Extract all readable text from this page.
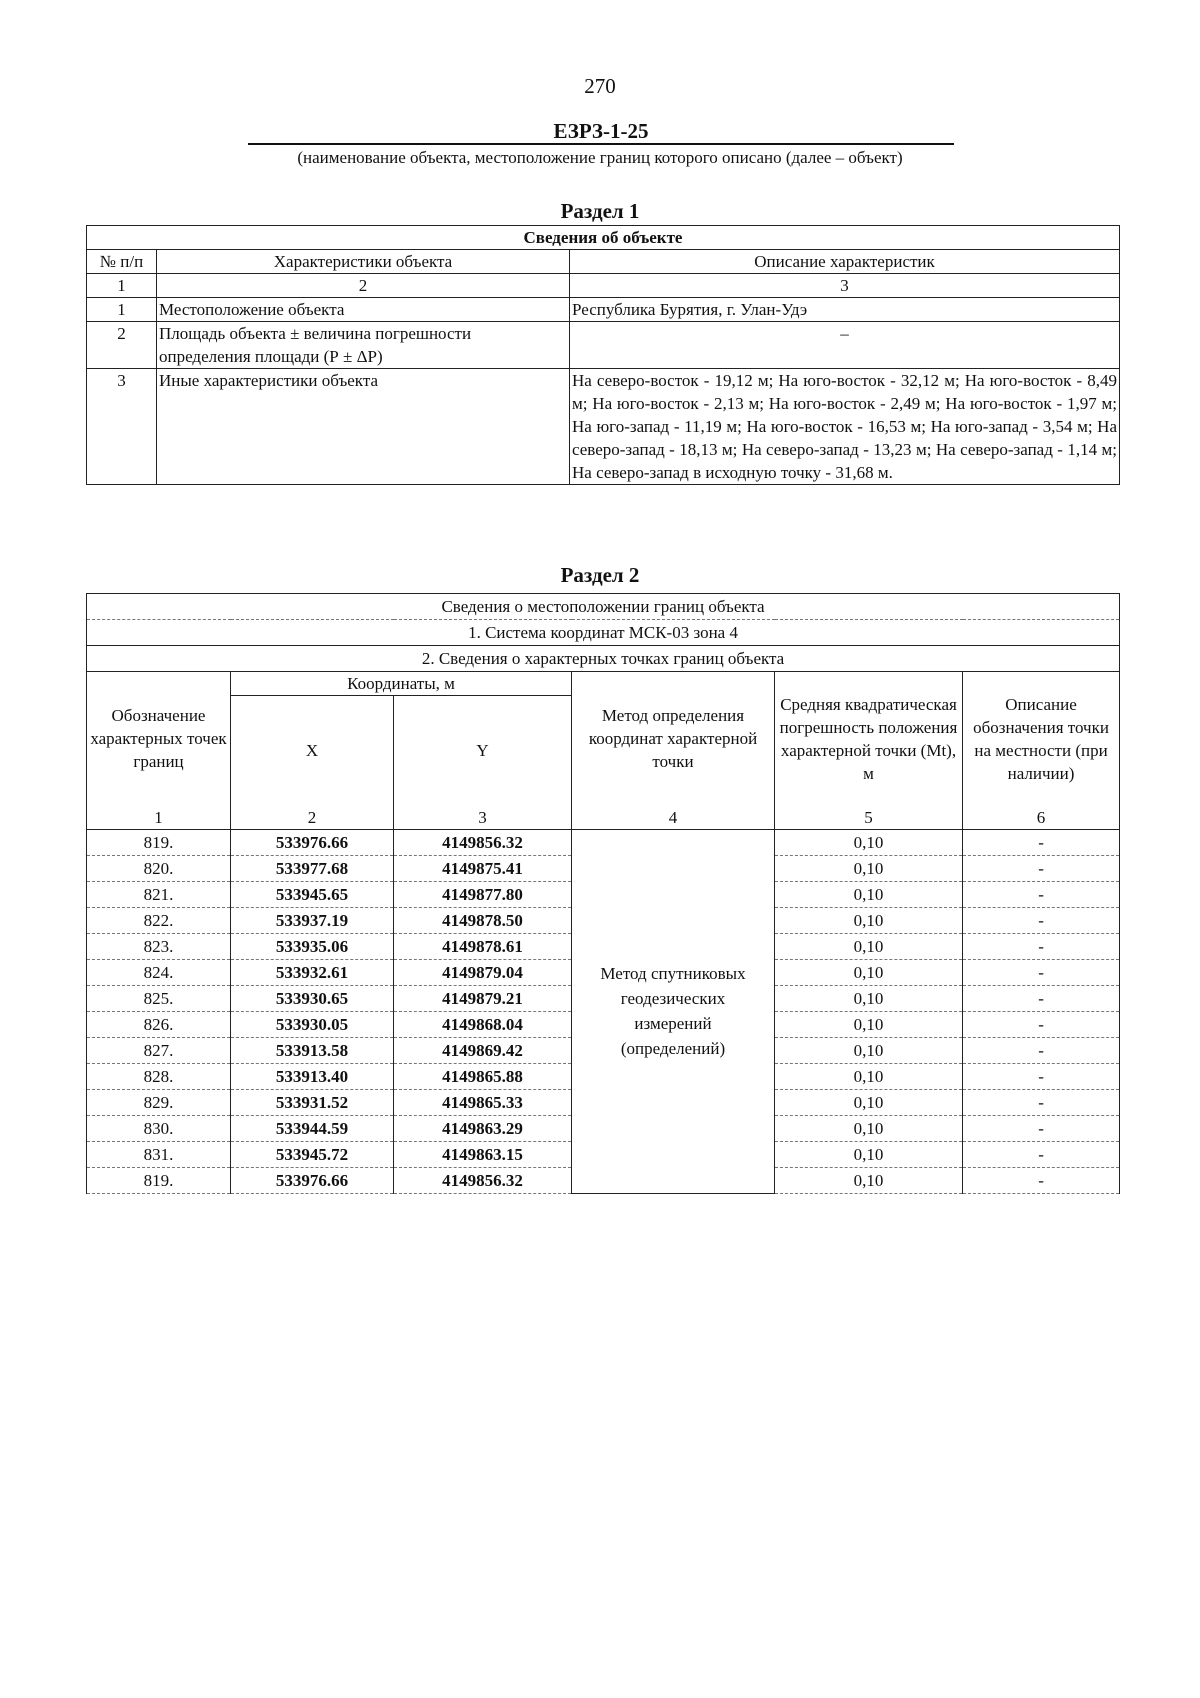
270
ЕЗРЗ-1-25
(наименование объекта, местоположение границ которого описано (далее – объект)
Раздел 1
Сведения об объекте		
№ п/п	Характеристики объекта	Описание характеристик
1	2	3
1	Местоположение объекта	Республика Бурятия, г. Улан-Удэ
2	Площадь объекта ± величина погрешности определения площади (Р ± ΔР)	–
3	Иные характеристики объекта	На северо-восток - 19,12 м; На юго-восток - 32,12 м; На юго-восток - 8,49 м; На юго-восток - 2,13 м; На юго-восток - 2,49 м; На юго-восток - 1,97 м; На юго-запад - 11,19 м; На юго-восток - 16,53 м; На юго-запад - 3,54 м; На северо-запад - 18,13 м; На северо-запад - 13,23 м; На северо-запад - 1,14 м; На северо-запад в исходную точку - 31,68 м.
Раздел 2
Сведения о местоположении границ объекта					
1. Система координат МСК-03 зона 4					
2. Сведения о характерных точках границ объекта					
Обозначение характерных точек границ	Координаты, м		Метод определения координат характерной точки	Средняя квадратическая погрешность положения характерной точки (Mt), м	Описание обозначения точки на местности (при наличии)
	X	Y			
1	2	3	4	5	6
819.	533976.66	4149856.32	Метод спутниковых геодезических измерений (определений)	0,10	-
820.	533977.68	4149875.41		0,10	-
821.	533945.65	4149877.80		0,10	-
822.	533937.19	4149878.50		0,10	-
823.	533935.06	4149878.61		0,10	-
824.	533932.61	4149879.04		0,10	-
825.	533930.65	4149879.21		0,10	-
826.	533930.05	4149868.04		0,10	-
827.	533913.58	4149869.42		0,10	-
828.	533913.40	4149865.88		0,10	-
829.	533931.52	4149865.33		0,10	-
830.	533944.59	4149863.29		0,10	-
831.	533945.72	4149863.15		0,10	-
819.	533976.66	4149856.32		0,10	-
